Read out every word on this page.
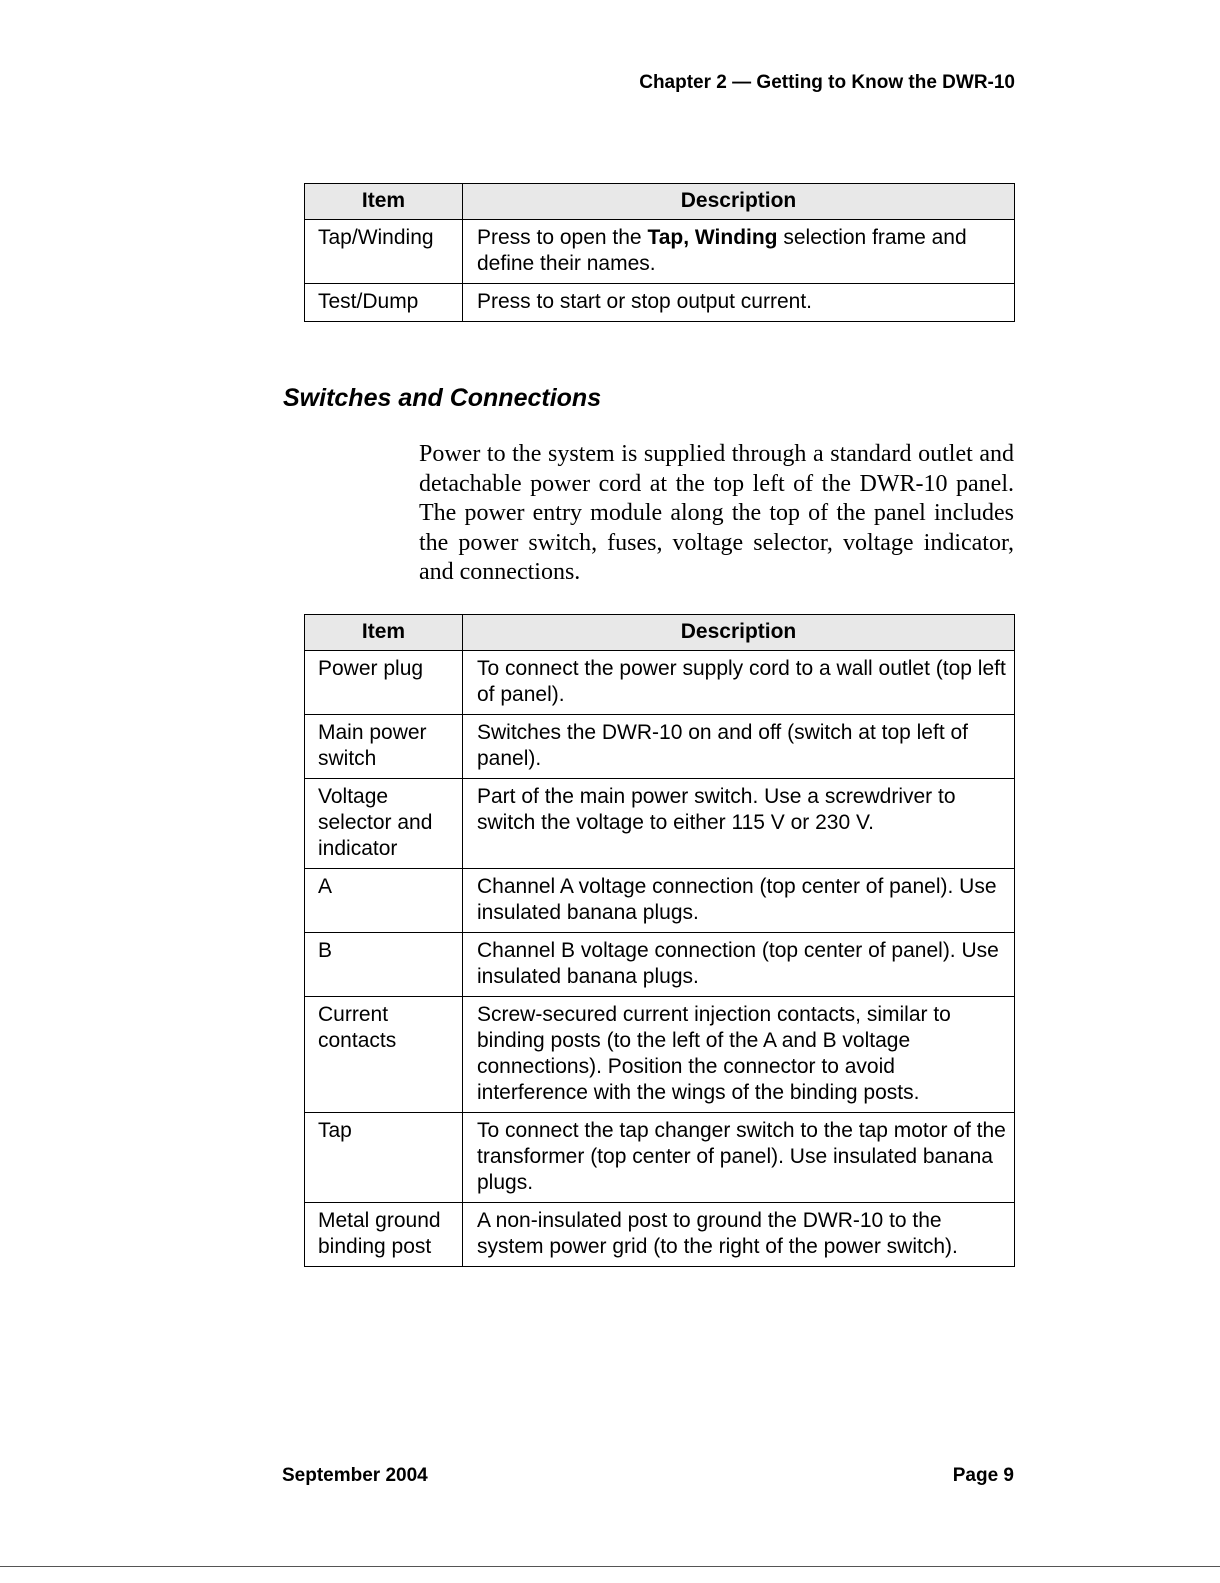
Chapter 2 — Getting to Know the DWR-10
Item	Description
Tap/Winding	Press to open the Tap, Winding selection frame and define their names.
Test/Dump	Press to start or stop output current.
Switches and Connections

Power to the system is supplied through a standard outlet and detachable power cord at the top left of the DWR-10 panel. The power entry module along the top of the panel includes the power switch, fuses, voltage selector, voltage indicator, and connections.

Item	Description
Power plug	To connect the power supply cord to a wall outlet (top left of panel).
Main power switch	Switches the DWR-10 on and off (switch at top left of panel).
Voltage selector and indicator	Part of the main power switch. Use a screwdriver to switch the voltage to either 115 V or 230 V.
A	Channel A voltage connection (top center of panel). Use insulated banana plugs.
B	Channel B voltage connection (top center of panel). Use insulated banana plugs.
Current contacts	Screw-secured current injection contacts, similar to binding posts (to the left of the A and B voltage connections). Position the connector to avoid interference with the wings of the binding posts.
Tap	To connect the tap changer switch to the tap motor of the transformer (top center of panel). Use insulated banana plugs.
Metal ground binding post	A non-insulated post to ground the DWR-10 to the system power grid (to the right of the power switch).
September 2004	Page 9
